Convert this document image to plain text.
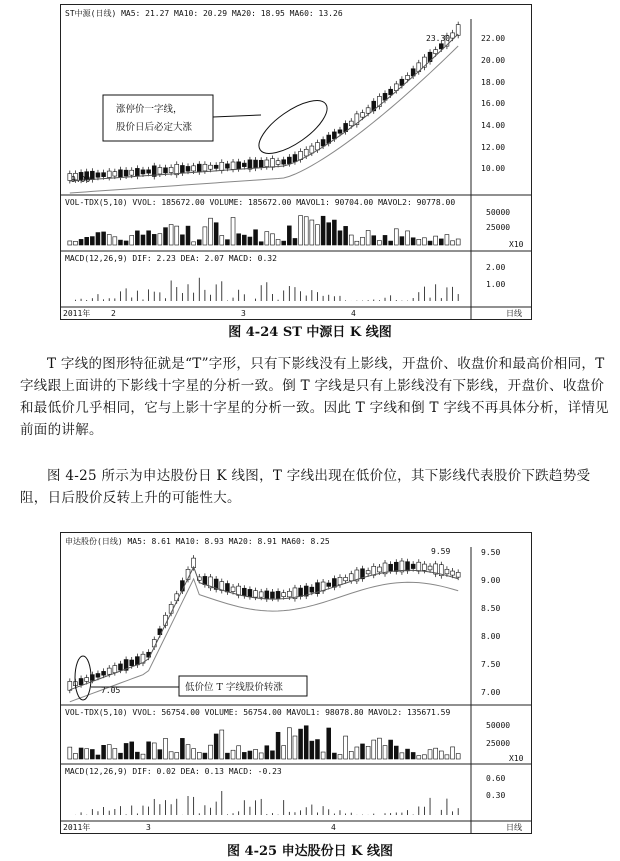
ST中源(日线) MA5: 21.27 MA10: 20.29 MA20: 18.95 MA60: 13.26
VOL-TDX(5,10) VVOL: 185672.00 VOLUME: 185672.00 MAVOL1: 90704.00 MAVOL2: 90778.00
MACD(12,26,9) DIF: 2.23 DEA: 2.07 MACD: 0.32
22.00
20.00
18.00
16.00
14.00
12.00
10.00
23.30
9.00
50000
25000
X10
2.00
1.00
2011年	2	3	4	日线
涨停价一字线，
股价日后必定大涨
图 4-24 ST 中源日 K 线图

T 字线的图形特征就是“T”字形，只有下影线没有上影线，开盘价、收盘价和最高价相同，T 字线跟上面讲的下影线十字星的分析一致。倒 T 字线是只有上影线没有下影线，开盘价、收盘价和最低价几乎相同，它与上影十字星的分析一致。因此 T 字线和倒 T 字线不再具体分析，详情见前面的讲解。

图 4-25 所示为申达股份日 K 线图，T 字线出现在低价位，其下影线代表股价下跌趋势受阻，日后股价反转上升的可能性大。

申达股份(日线) MA5: 8.61 MA10: 8.93 MA20: 8.91 MA60: 8.25
VOL-TDX(5,10) VVOL: 56754.00 VOLUME: 56754.00 MAVOL1: 98078.80 MAVOL2: 135671.59
MACD(12,26,9) DIF: 0.02 DEA: 0.13 MACD: -0.23
9.50
9.00
8.50
8.00
7.50
7.00
9.59
7.05
50000
25000
X10
0.60
0.30
2011年	3	4	日线
低价位 T 字线股价转涨
图 4-25 申达股份日 K 线图
